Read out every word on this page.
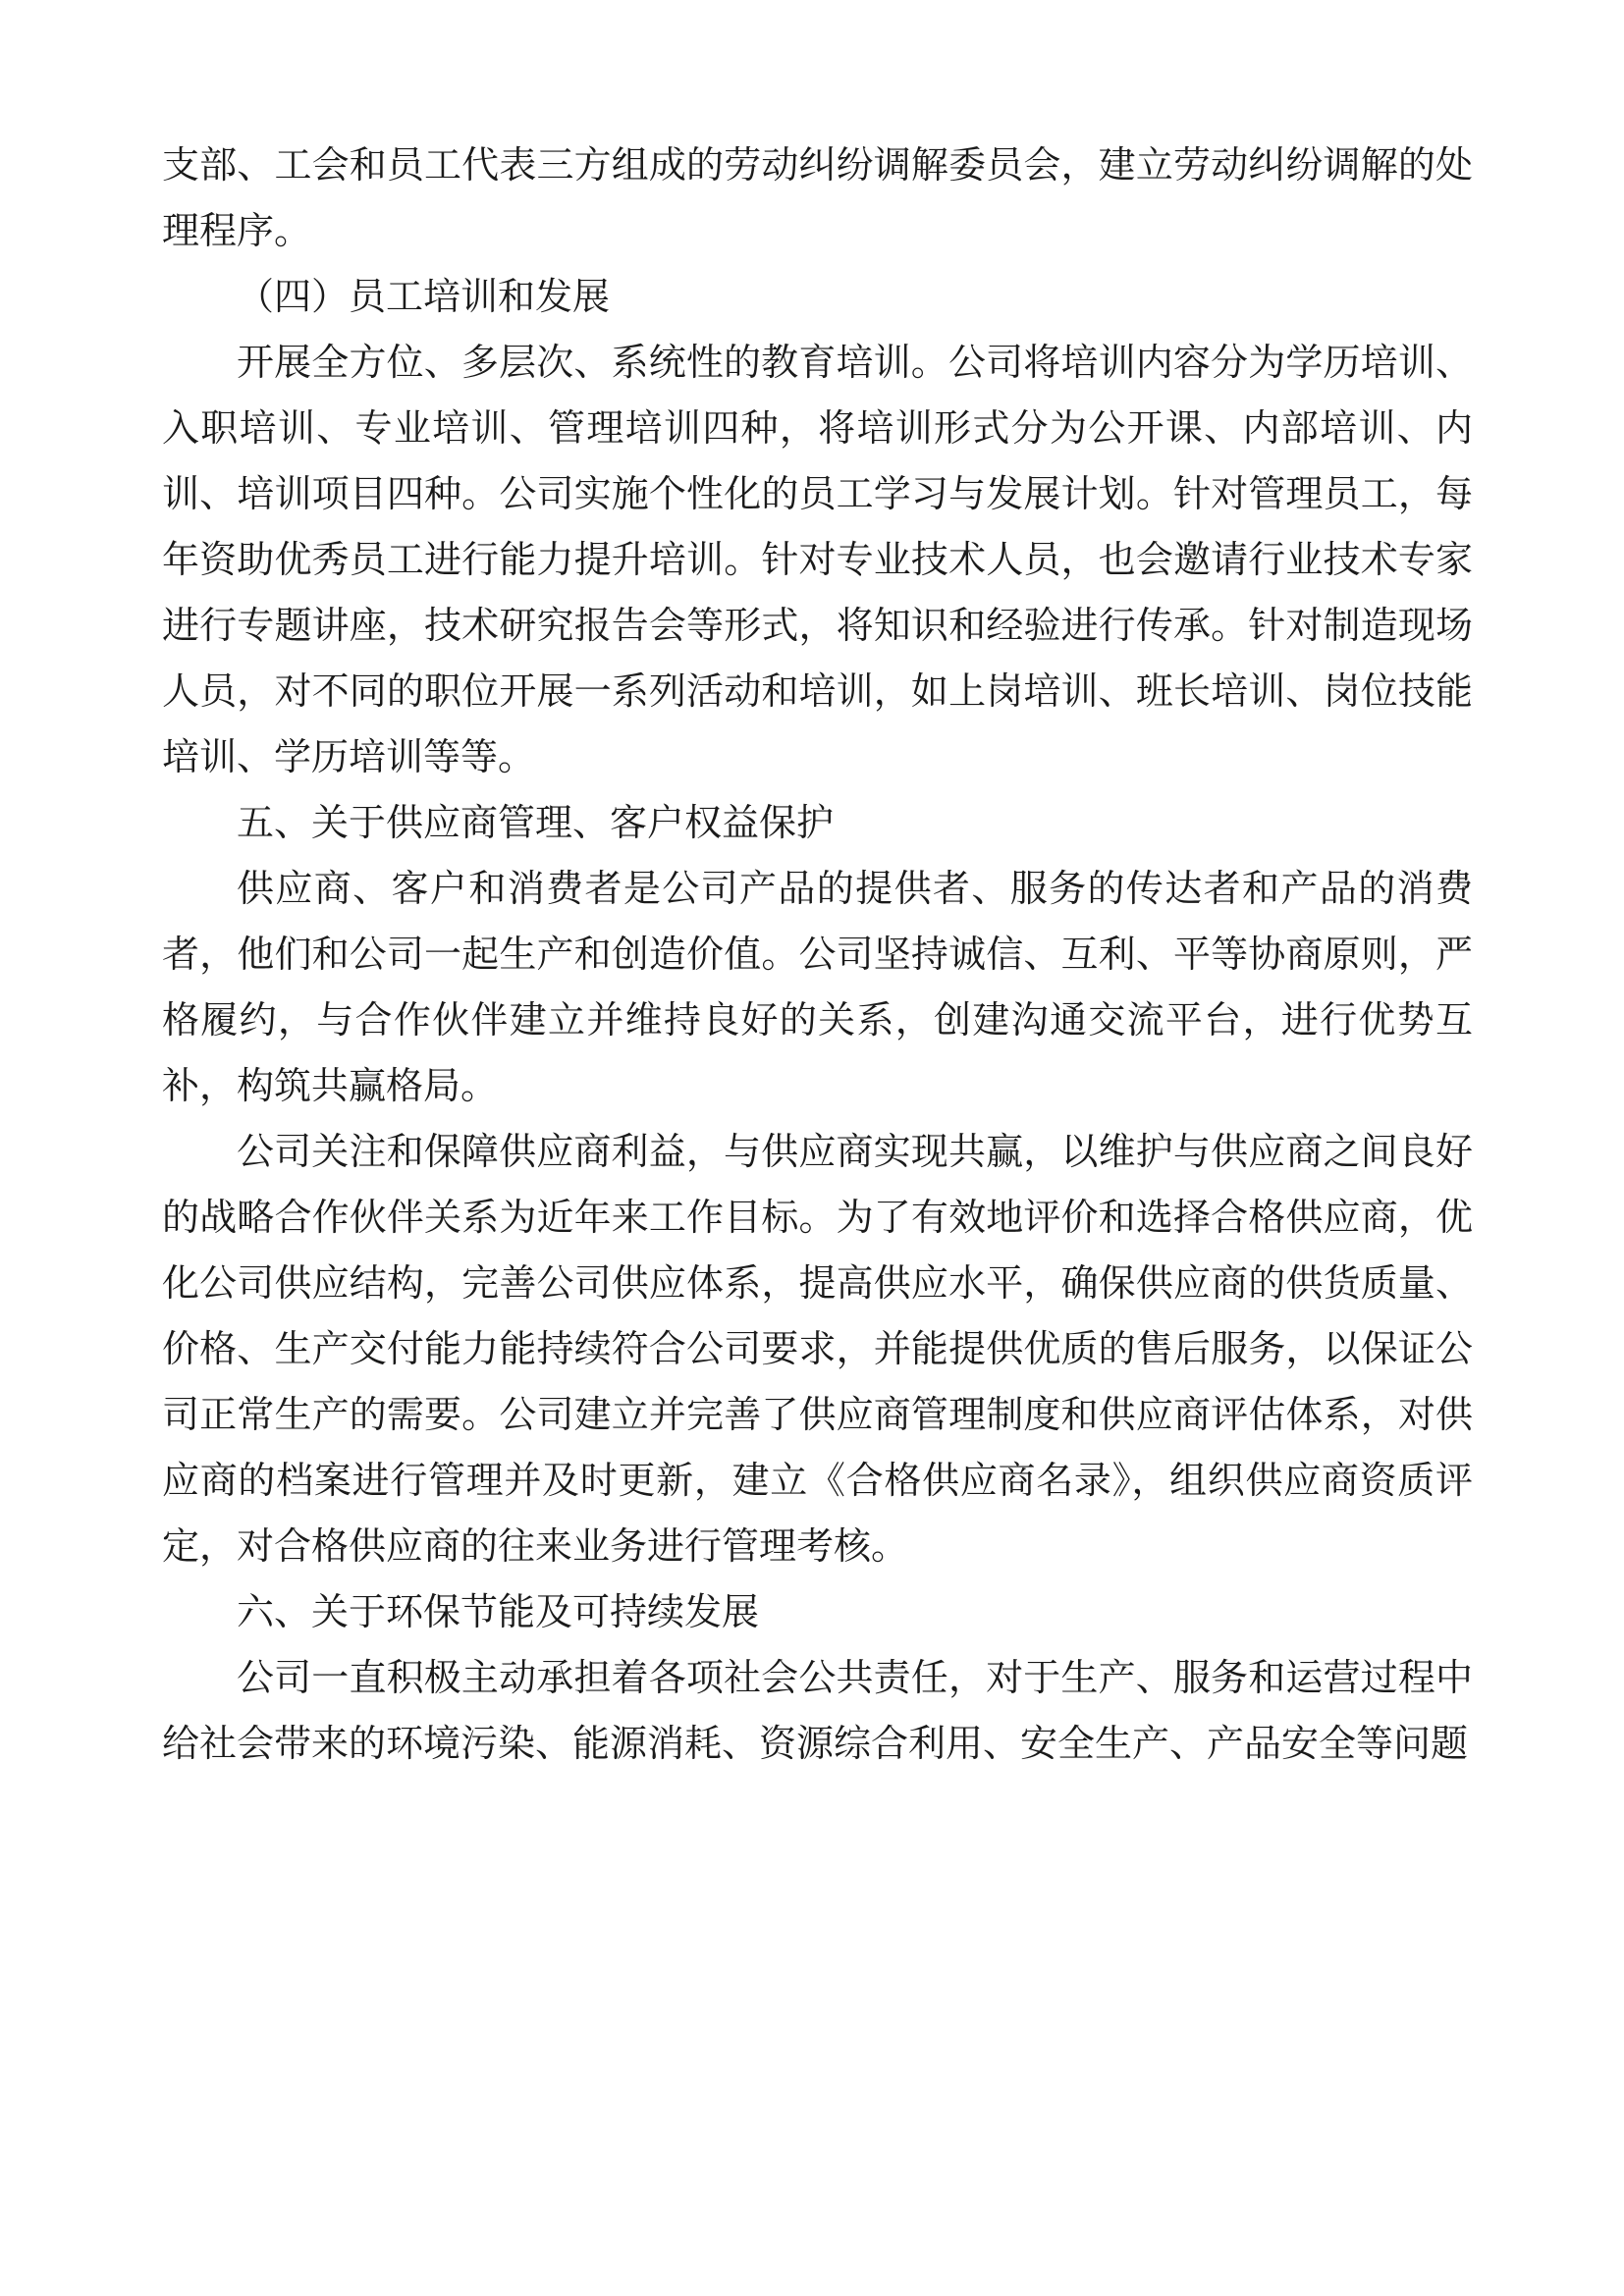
支部、工会和员工代表三方组成的劳动纠纷调解委员会，建立劳动纠纷调解的处理程序。

（四）员工培训和发展

开展全方位、多层次、系统性的教育培训。公司将培训内容分为学历培训、入职培训、专业培训、管理培训四种，将培训形式分为公开课、内部培训、内训、培训项目四种。公司实施个性化的员工学习与发展计划。针对管理员工，每年资助优秀员工进行能力提升培训。针对专业技术人员，也会邀请行业技术专家进行专题讲座，技术研究报告会等形式，将知识和经验进行传承。针对制造现场人员，对不同的职位开展一系列活动和培训，如上岗培训、班长培训、岗位技能培训、学历培训等等。

五、关于供应商管理、客户权益保护

供应商、客户和消费者是公司产品的提供者、服务的传达者和产品的消费者，他们和公司一起生产和创造价值。公司坚持诚信、互利、平等协商原则，严格履约，与合作伙伴建立并维持良好的关系，创建沟通交流平台，进行优势互补，构筑共赢格局。

公司关注和保障供应商利益，与供应商实现共赢，以维护与供应商之间良好的战略合作伙伴关系为近年来工作目标。为了有效地评价和选择合格供应商，优化公司供应结构，完善公司供应体系，提高供应水平，确保供应商的供货质量、价格、生产交付能力能持续符合公司要求，并能提供优质的售后服务，以保证公司正常生产的需要。公司建立并完善了供应商管理制度和供应商评估体系，对供应商的档案进行管理并及时更新，建立《合格供应商名录》，组织供应商资质评定，对合格供应商的往来业务进行管理考核。

六、关于环保节能及可持续发展

公司一直积极主动承担着各项社会公共责任，对于生产、服务和运营过程中给社会带来的环境污染、能源消耗、资源综合利用、安全生产、产品安全等问题
